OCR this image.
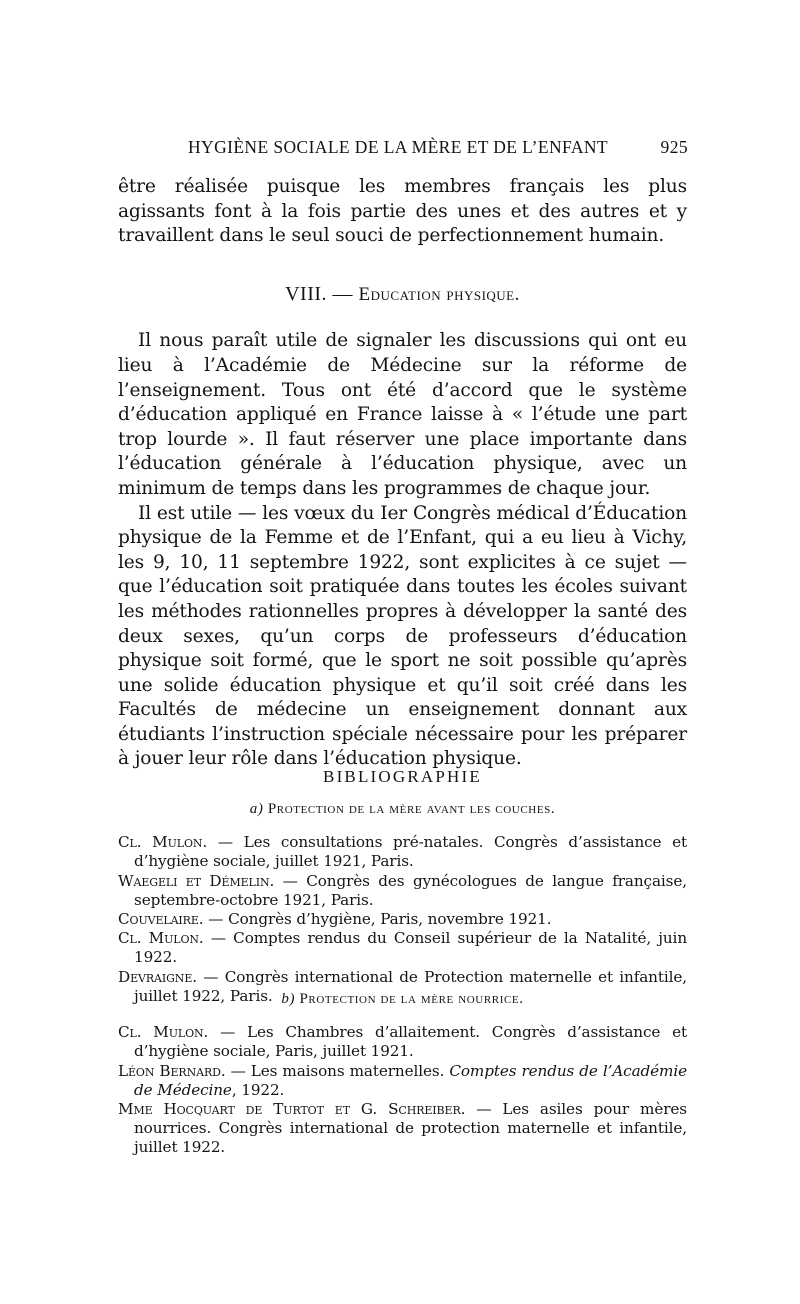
HYGIÈNE SOCIALE DE LA MÈRE ET DE L’ENFANT	925

être réalisée puisque les membres français les plus agissants font à la fois partie des unes et des autres et y travaillent dans le seul souci de perfectionnement humain.

VIII. — Education physique.

Il nous paraît utile de signaler les discussions qui ont eu lieu à l’Académie de Médecine sur la réforme de l’enseignement. Tous ont été d’accord que le système d’éducation appliqué en France laisse à « l’étude une part trop lourde ». Il faut réserver une place importante dans l’éducation générale à l’éducation physique, avec un minimum de temps dans les programmes de chaque jour.

Il est utile — les vœux du Ier Congrès médical d’Éducation physique de la Femme et de l’Enfant, qui a eu lieu à Vichy, les 9, 10, 11 septembre 1922, sont explicites à ce sujet — que l’éducation soit pratiquée dans toutes les écoles suivant les méthodes rationnelles propres à développer la santé des deux sexes, qu’un corps de professeurs d’éducation physique soit formé, que le sport ne soit possible qu’après une solide éducation physique et qu’il soit créé dans les Facultés de médecine un enseignement donnant aux étudiants l’instruction spéciale nécessaire pour les préparer à jouer leur rôle dans l’éducation physique.

BIBLIOGRAPHIE
a) Protection de la mère avant les couches.

Cl. Mulon. — Les consultations pré-natales. Congrès d’assistance et d’hygiène sociale, juillet 1921, Paris.

Waegeli et Démelin. — Congrès des gynécologues de langue française, septembre-octobre 1921, Paris.

Couvelaire. — Congrès d’hygiène, Paris, novembre 1921.

Cl. Mulon. — Comptes rendus du Conseil supérieur de la Natalité, juin 1922.

Devraigne. — Congrès international de Protection maternelle et infantile, juillet 1922, Paris. b) Protection de la mère nourrice.

Cl. Mulon. — Les Chambres d’allaitement. Congrès d’assistance et d’hygiène sociale, Paris, juillet 1921.

Léon Bernard. — Les maisons maternelles. Comptes rendus de l’Académie de Médecine, 1922.

Mme Hocquart de Turtot et G. Schreiber. — Les asiles pour mères nourrices. Congrès international de protection maternelle et infantile, juillet 1922.
